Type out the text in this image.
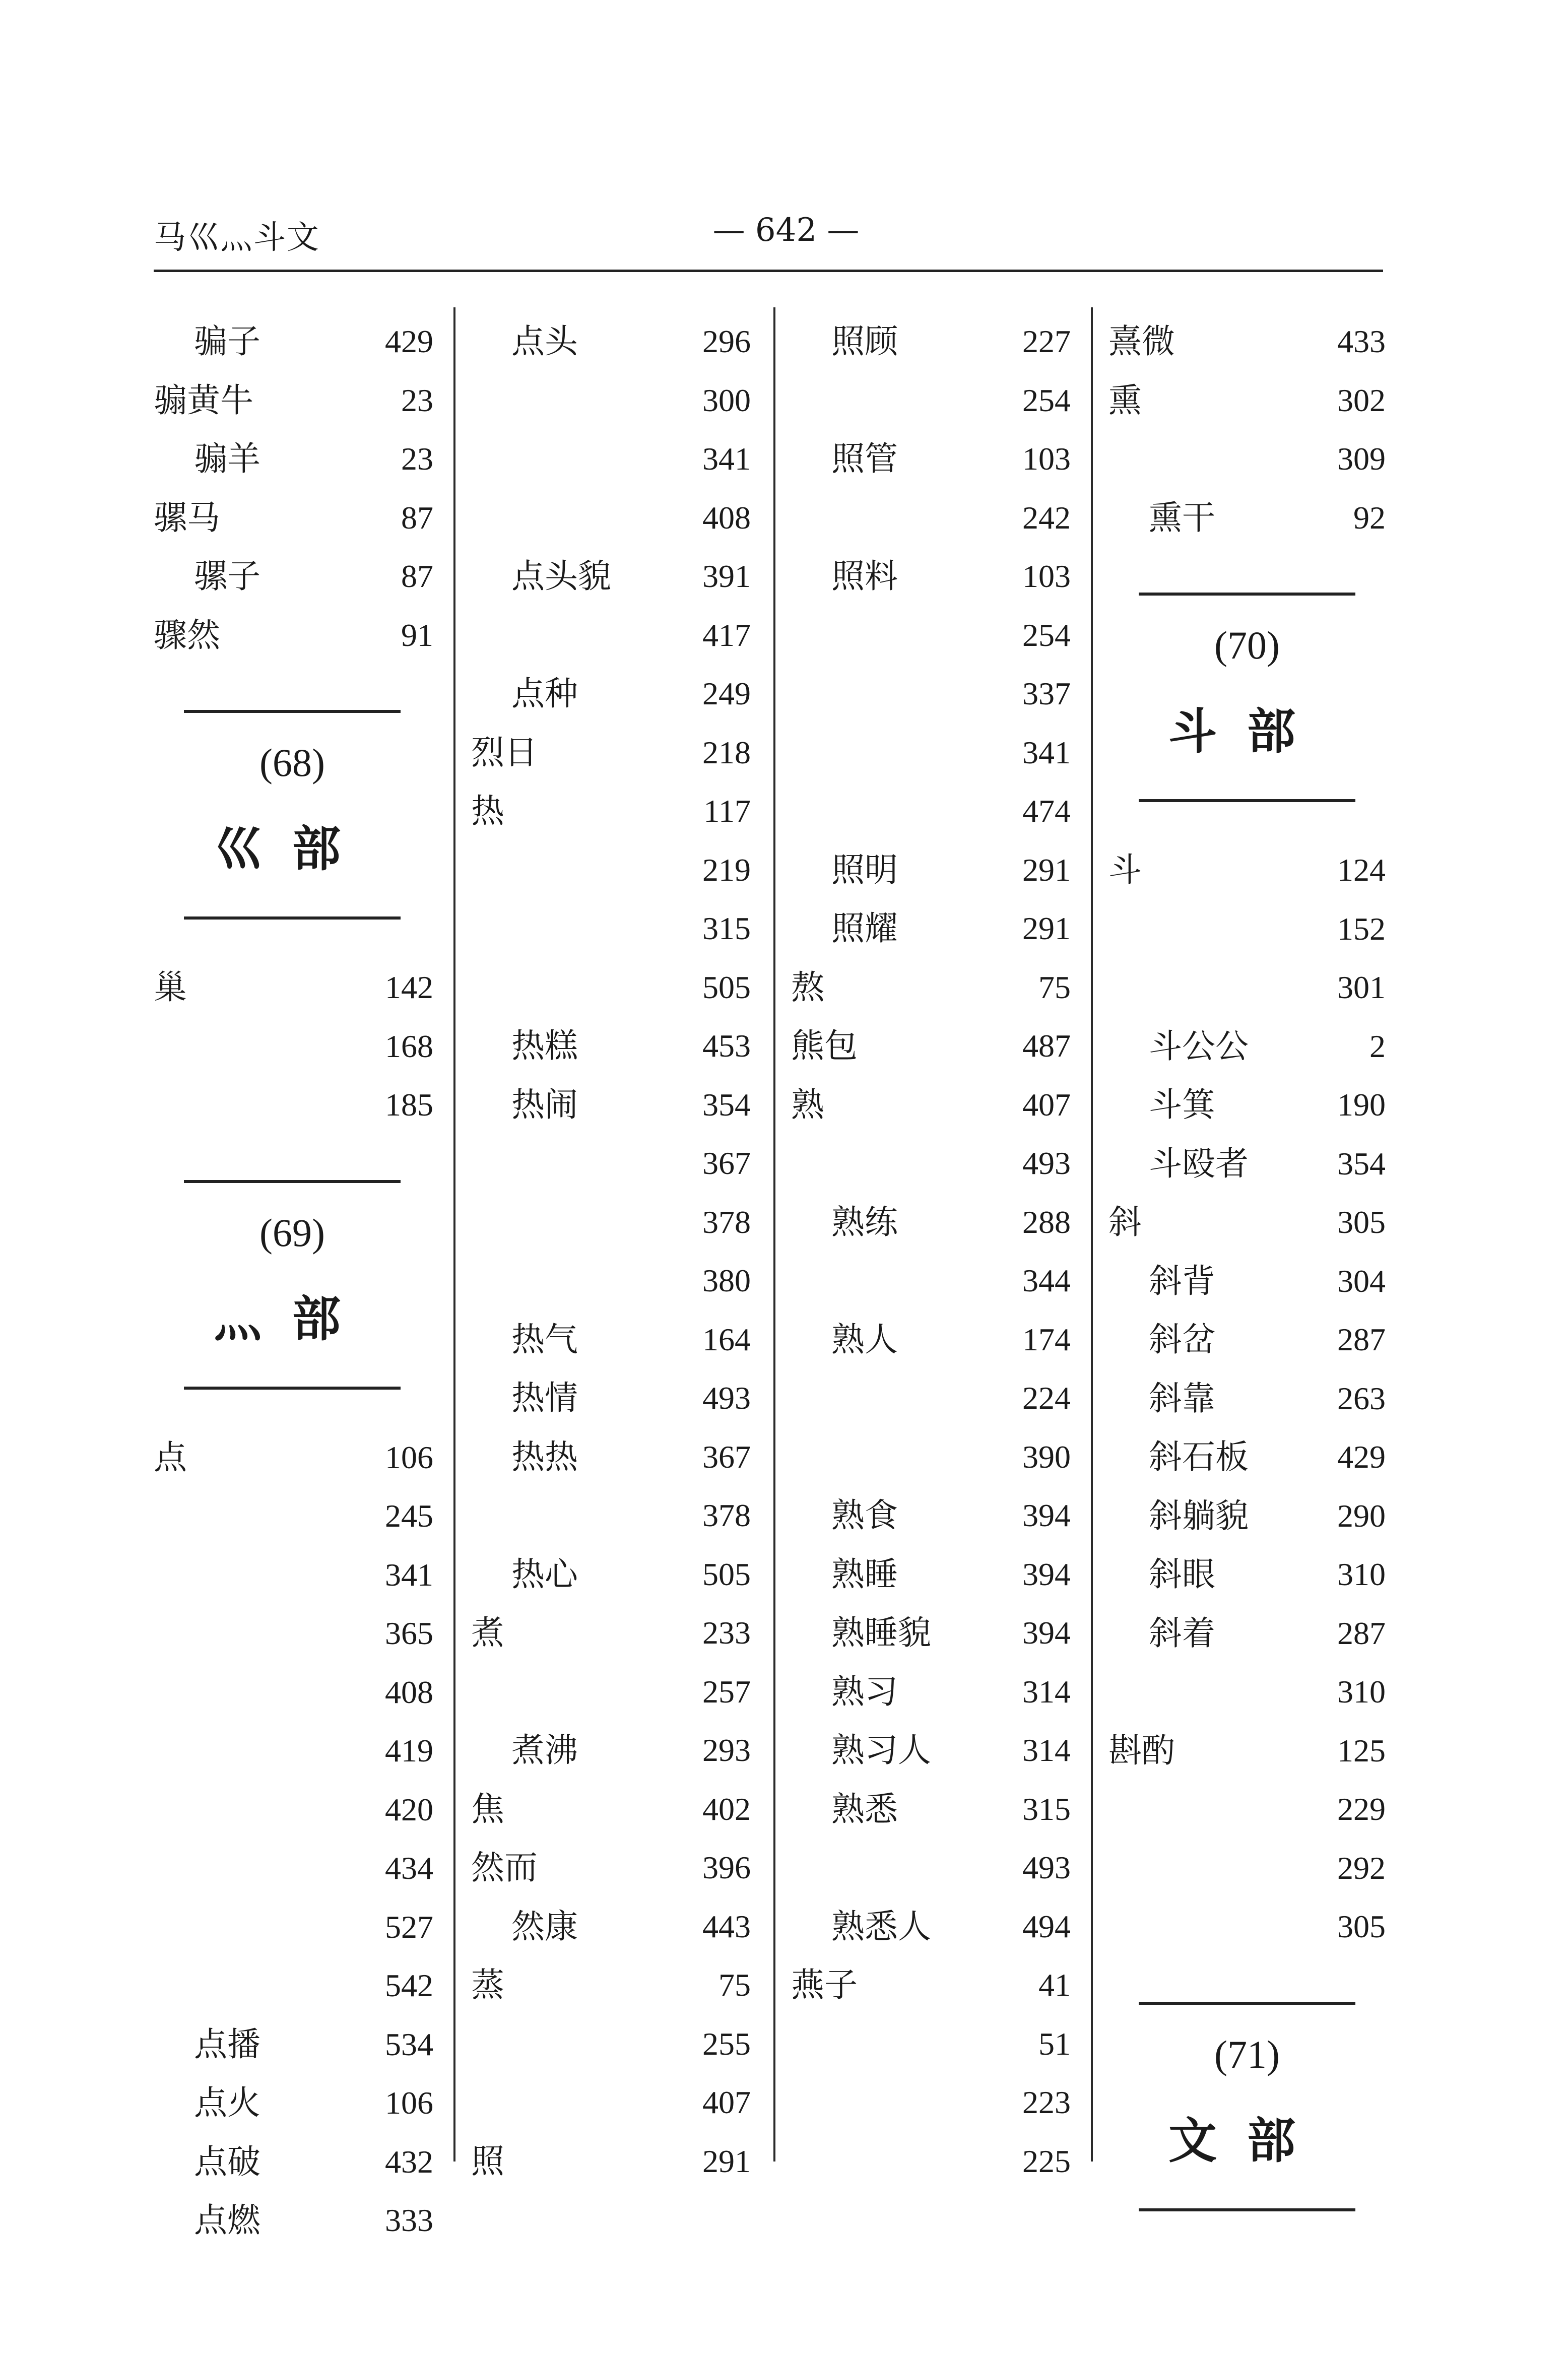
马巛灬斗文	— 642 —
骗子	429
骟黄牛	23
骟羊	23
骡马	87
骡子	87
骤然	91
(68)
巛部
巢	142
168
185
(69)
灬部
点	106
245
341
365
408
419
420
434
527
542
点播	534
点火	106
点破	432
点燃	333
点头	296
300
341
408
点头貌	391
417
点种	249
烈日	218
热	117
219
315
505
热糕	453
热闹	354
367
378
380
热气	164
热情	493
热热	367
378
热心	505
煮	233
257
煮沸	293
焦	402
然而	396
然康	443
蒸	75
255
407
照	291
照顾	227
254
照管	103
242
照料	103
254
337
341
474
照明	291
照耀	291
熬	75
熊包	487
熟	407
493
熟练	288
344
熟人	174
224
390
熟食	394
熟睡	394
熟睡貌	394
熟习	314
熟习人	314
熟悉	315
493
熟悉人	494
燕子	41
51
223
225
熹微	433
熏	302
309
熏干	92
(70)
斗部
斗	124
152
301
斗公公	2
斗箕	190
斗殴者	354
斜	305
斜背	304
斜岔	287
斜靠	263
斜石板	429
斜躺貌	290
斜眼	310
斜着	287
310
斟酌	125
229
292
305
(71)
文部
